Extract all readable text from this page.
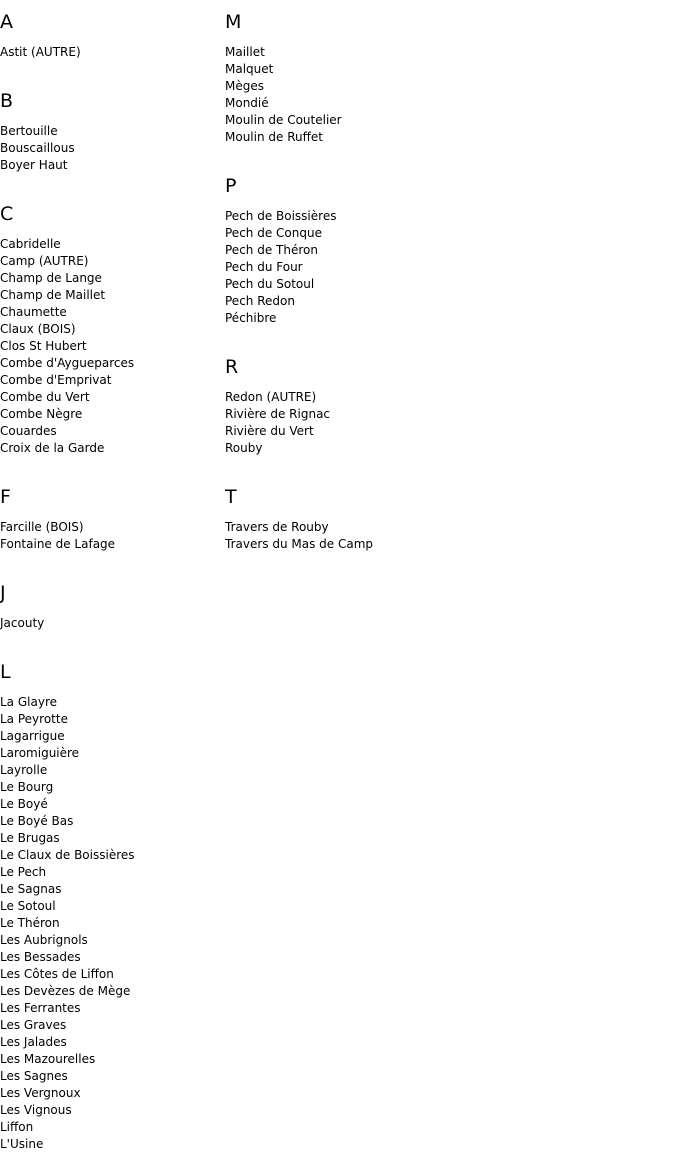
A
Astit (AUTRE)
B
Bertouille
Bouscaillous
Boyer Haut
C
Cabridelle
Camp (AUTRE)
Champ de Lange
Champ de Maillet
Chaumette
Claux (BOIS)
Clos St Hubert
Combe d'Aygueparces
Combe d'Emprivat
Combe du Vert
Combe Nègre
Couardes
Croix de la Garde
F
Farcille (BOIS)
Fontaine de Lafage
J
Jacouty
L
La Glayre
La Peyrotte
Lagarrigue
Laromiguière
Layrolle
Le Bourg
Le Boyé
Le Boyé Bas
Le Brugas
Le Claux de Boissières
Le Pech
Le Sagnas
Le Sotoul
Le Théron
Les Aubrignols
Les Bessades
Les Côtes de Liffon
Les Devèzes de Mège
Les Ferrantes
Les Graves
Les Jalades
Les Mazourelles
Les Sagnes
Les Vergnoux
Les Vignous
Liffon
L'Usine
M
Maillet
Malquet
Mèges
Mondié
Moulin de Coutelier
Moulin de Ruffet
P
Pech de Boissières
Pech de Conque
Pech de Théron
Pech du Four
Pech du Sotoul
Pech Redon
Péchibre
R
Redon (AUTRE)
Rivière de Rignac
Rivière du Vert
Rouby
T
Travers de Rouby
Travers du Mas de Camp
